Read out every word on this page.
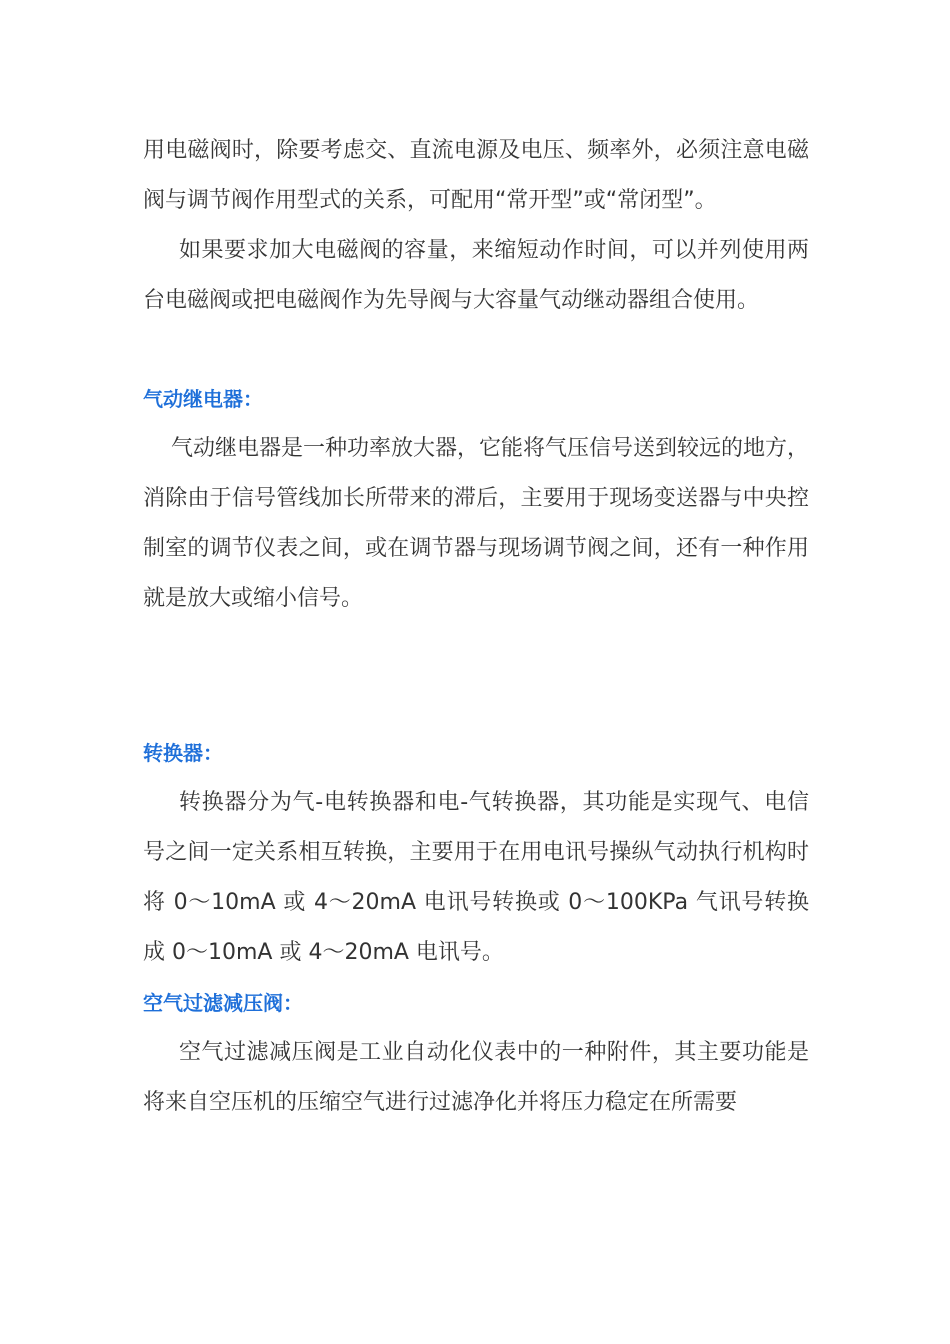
用电磁阀时，除要考虑交、直流电源及电压、频率外，必须注意电磁阀与调节阀作用型式的关系，可配用“常开型”或“常闭型”。

如果要求加大电磁阀的容量，来缩短动作时间，可以并列使用两台电磁阀或把电磁阀作为先导阀与大容量气动继动器组合使用。

气动继电器：

气动继电器是一种功率放大器，它能将气压信号送到较远的地方，消除由于信号管线加长所带来的滞后，主要用于现场变送器与中央控制室的调节仪表之间，或在调节器与现场调节阀之间，还有一种作用就是放大或缩小信号。

转换器：

转换器分为气-电转换器和电-气转换器，其功能是实现气、电信号之间一定关系相互转换，主要用于在用电讯号操纵气动执行机构时将 0～10mA 或 4～20mA 电讯号转换或 0～100KPa 气讯号转换成 0～10mA 或 4～20mA 电讯号。

空气过滤减压阀：

空气过滤减压阀是工业自动化仪表中的一种附件，其主要功能是将来自空压机的压缩空气进行过滤净化并将压力稳定在所需要
